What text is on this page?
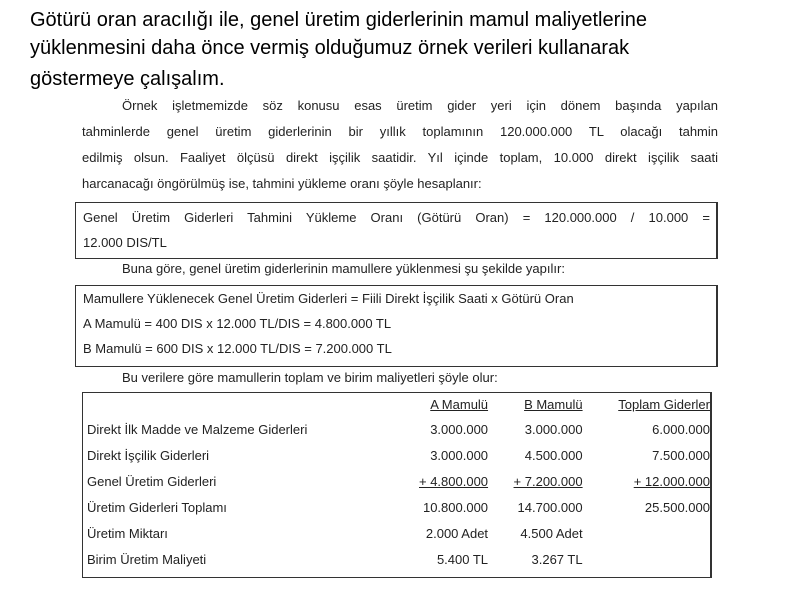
Götürü oran aracılığı ile, genel üretim giderlerinin mamul maliyetlerine
yüklenmesini daha önce vermiş olduğumuz örnek verileri kullanarak
göstermeye çalışalım.
Örnek işletmemizde söz konusu esas üretim gider yeri için dönem başında yapılan
tahminlerde genel üretim giderlerinin bir yıllık toplamının 120.000.000 TL olacağı tahmin
edilmiş olsun. Faaliyet ölçüsü direkt işçilik saatidir. Yıl içinde toplam, 10.000 direkt işçilik saati
harcanacağı öngörülmüş ise, tahmini yükleme oranı şöyle hesaplanır:
Genel Üretim Giderleri Tahmini Yükleme Oranı (Götürü Oran) = 120.000.000 / 10.000 =
12.000 DIS/TL
Buna göre, genel üretim giderlerinin mamullere yüklenmesi şu şekilde yapılır:
Mamullere Yüklenecek Genel Üretim Giderleri = Fiili Direkt İşçilik Saati x Götürü Oran
A Mamulü = 400 DIS x 12.000 TL/DIS = 4.800.000 TL
B Mamulü = 600 DIS x 12.000 TL/DIS = 7.200.000 TL
Bu verilere göre mamullerin toplam ve birim maliyetleri şöyle olur:
	A Mamulü	B Mamulü	Toplam Giderler
Direkt İlk Madde ve Malzeme Giderleri	3.000.000	3.000.000	6.000.000
Direkt İşçilik Giderleri	3.000.000	4.500.000	7.500.000
Genel Üretim Giderleri	+ 4.800.000	+ 7.200.000	+ 12.000.000
Üretim Giderleri Toplamı	10.800.000	14.700.000	25.500.000
Üretim Miktarı	2.000 Adet	4.500 Adet	
Birim Üretim Maliyeti	5.400 TL	3.267 TL	
